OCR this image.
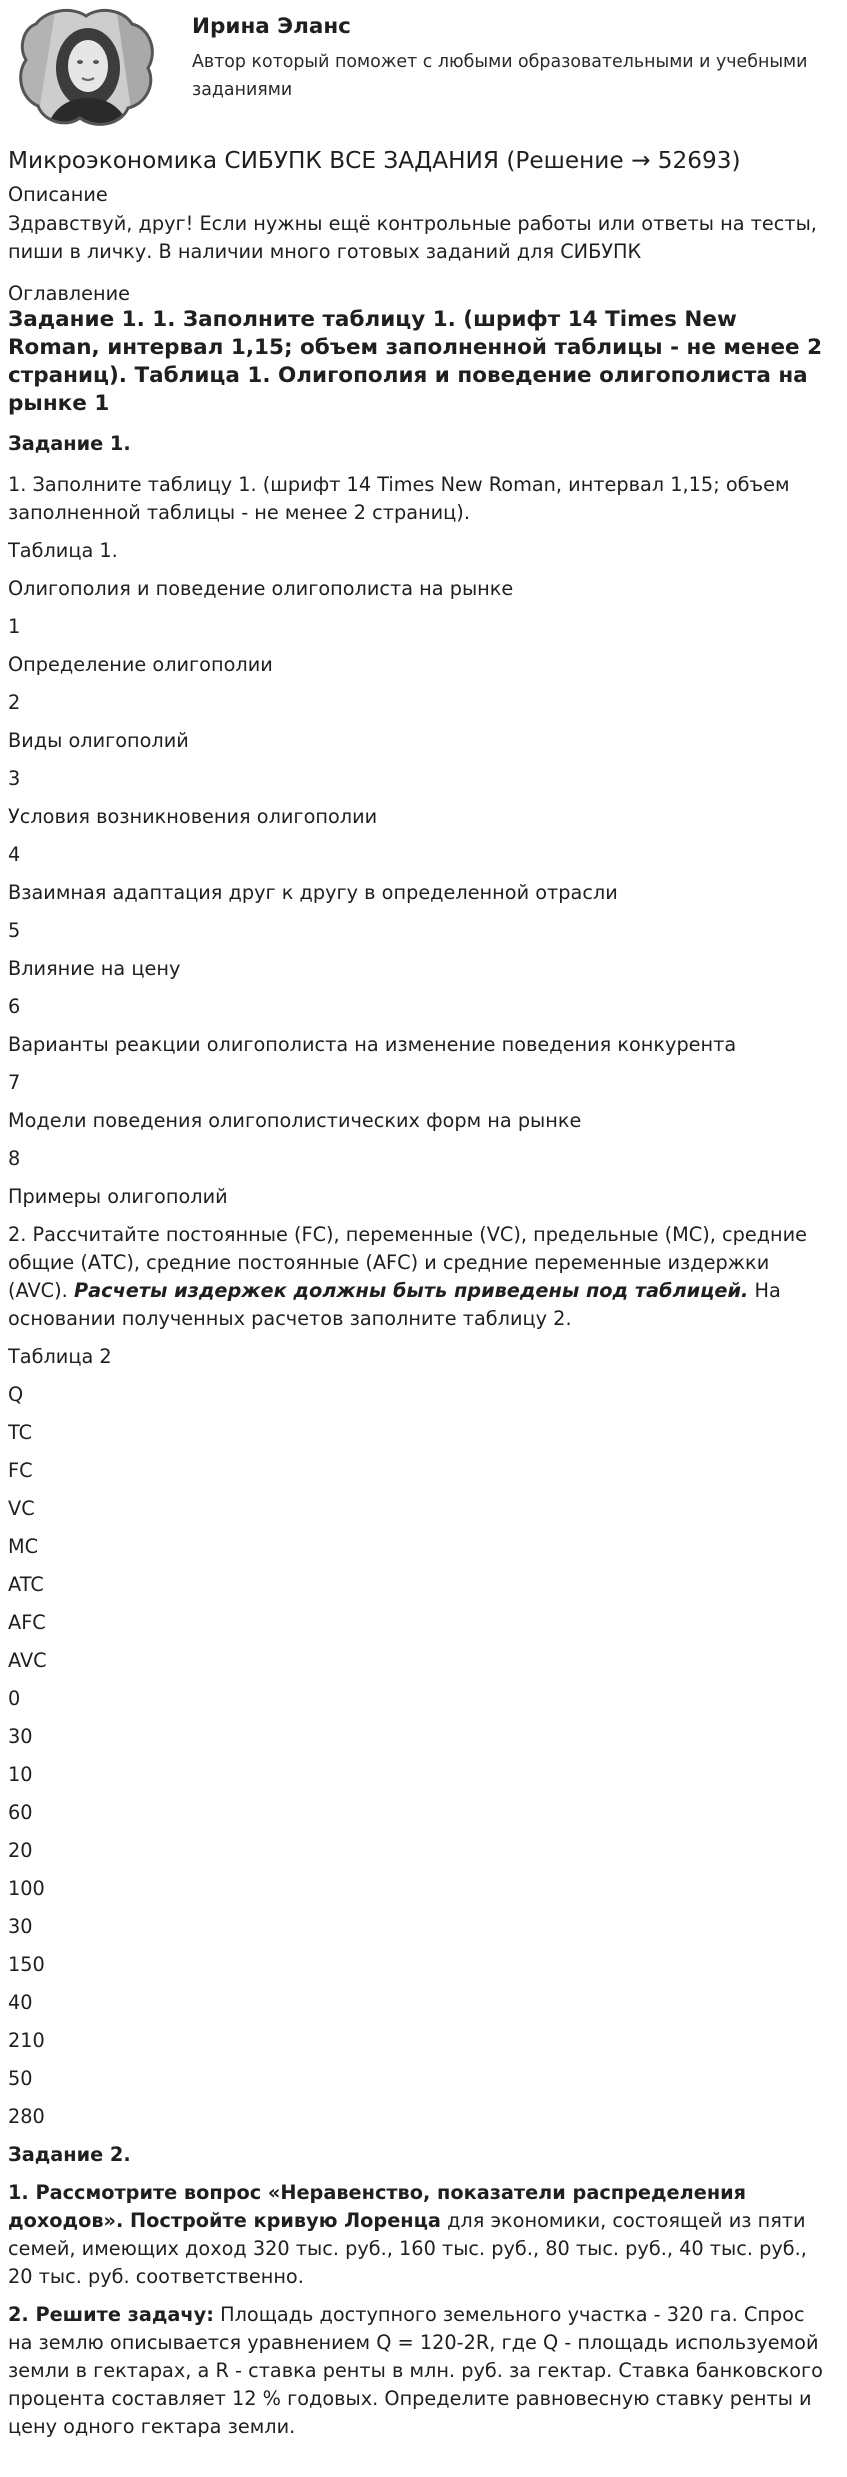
Ирина Эланс
Автор который поможет с любыми образовательными и учебными заданиями
Микроэкономика СИБУПК ВСЕ ЗАДАНИЯ (Решение → 52693)
Описание
Здравствуй, друг! Если нужны ещё контрольные работы или ответы на тесты, пиши в личку. В наличии много готовых заданий для СИБУПК
Оглавление
Задание 1. 1. Заполните таблицу 1. (шрифт 14 Times New Roman, интервал 1,15; объем заполненной таблицы - не менее 2 страниц). Таблица 1. Олигополия и поведение олигополиста на рынке 1
Задание 1.
1. Заполните таблицу 1. (шрифт 14 Times New Roman, интервал 1,15; объем заполненной таблицы - не менее 2 страниц).
Таблица 1.
Олигополия и поведение олигополиста на рынке
1
Определение олигополии
2
Виды олигополий
3
Условия возникновения олигополии
4
Взаимная адаптация друг к другу в определенной отрасли
5
Влияние на цену
6
Варианты реакции олигополиста на изменение поведения конкурента
7
Модели поведения олигополистических форм на рынке
8
Примеры олигополий
2. Рассчитайте постоянные (FC), переменные (VC), предельные (МС), средние общие (АТС), средние постоянные (AFC) и средние переменные издержки (AVC). Расчеты издержек должны быть приведены под таблицей. На основании полученных расчетов заполните таблицу 2.
Таблица 2
Q
TC
FC
VC
MC
ATC
AFC
AVC
0
30
10
60
20
100
30
150
40
210
50
280
Задание 2.
1. Рассмотрите вопрос «Неравенство, показатели распределения доходов». Постройте кривую Лоренца для экономики, состоящей из пяти семей, имеющих доход 320 тыс. руб., 160 тыс. руб., 80 тыс. руб., 40 тыс. руб., 20 тыс. руб. соответственно.
2. Решите задачу: Площадь доступного земельного участка - 320 га. Спрос на землю описывается уравнением Q = 120-2R, где Q - площадь используемой земли в гектарах, а R - ставка ренты в млн. руб. за гектар. Ставка банковского процента составляет 12 % годовых. Определите равновесную ставку ренты и цену одного гектара земли.
